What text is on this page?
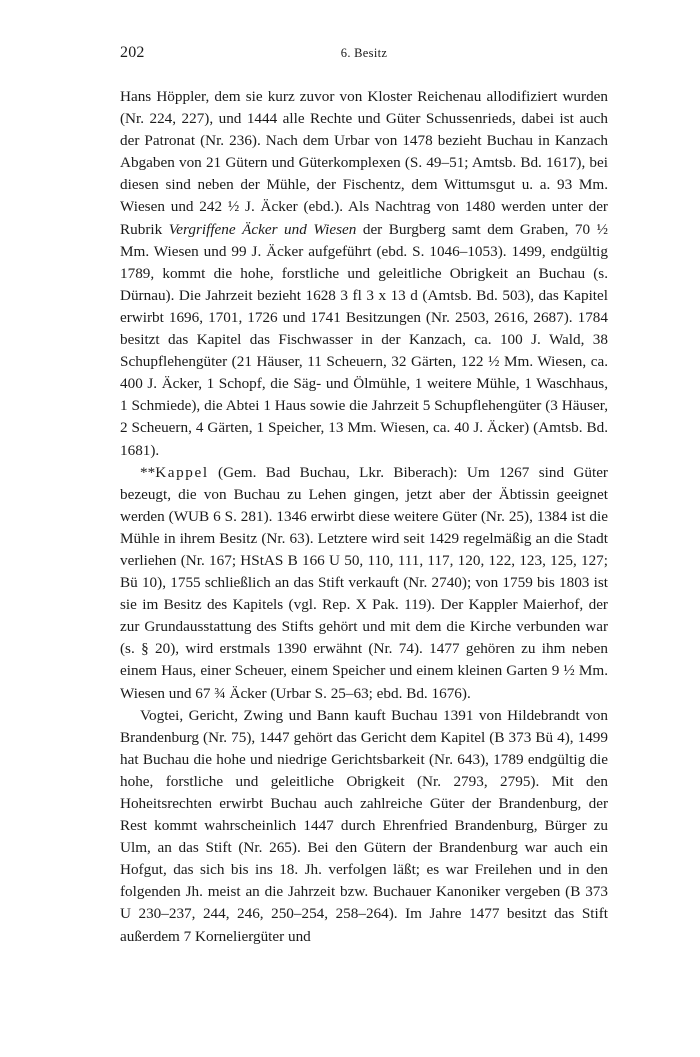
202	6. Besitz

Hans Höppler, dem sie kurz zuvor von Kloster Reichenau allodifiziert wurden (Nr. 224, 227), und 1444 alle Rechte und Güter Schussenrieds, dabei ist auch der Patronat (Nr. 236). Nach dem Urbar von 1478 bezieht Buchau in Kanzach Abgaben von 21 Gütern und Güterkomplexen (S. 49–51; Amtsb. Bd. 1617), bei diesen sind neben der Mühle, der Fischentz, dem Wittumsgut u. a. 93 Mm. Wiesen und 242 ½ J. Äcker (ebd.). Als Nachtrag von 1480 werden unter der Rubrik Vergriffene Äcker und Wiesen der Burgberg samt dem Graben, 70 ½ Mm. Wiesen und 99 J. Äcker aufgeführt (ebd. S. 1046–1053). 1499, endgültig 1789, kommt die hohe, forstliche und geleitliche Obrigkeit an Buchau (s. Dürnau). Die Jahrzeit bezieht 1628 3 fl 3 x 13 d (Amtsb. Bd. 503), das Kapitel erwirbt 1696, 1701, 1726 und 1741 Besitzungen (Nr. 2503, 2616, 2687). 1784 besitzt das Kapitel das Fischwasser in der Kanzach, ca. 100 J. Wald, 38 Schupflehengüter (21 Häuser, 11 Scheuern, 32 Gärten, 122 ½ Mm. Wiesen, ca. 400 J. Äcker, 1 Schopf, die Säg- und Ölmühle, 1 weitere Mühle, 1 Waschhaus, 1 Schmiede), die Abtei 1 Haus sowie die Jahrzeit 5 Schupflehengüter (3 Häuser, 2 Scheuern, 4 Gärten, 1 Speicher, 13 Mm. Wiesen, ca. 40 J. Äcker) (Amtsb. Bd. 1681).

**Kappel (Gem. Bad Buchau, Lkr. Biberach): Um 1267 sind Güter bezeugt, die von Buchau zu Lehen gingen, jetzt aber der Äbtissin geeignet werden (WUB 6 S. 281). 1346 erwirbt diese weitere Güter (Nr. 25), 1384 ist die Mühle in ihrem Besitz (Nr. 63). Letztere wird seit 1429 regelmäßig an die Stadt verliehen (Nr. 167; HStAS B 166 U 50, 110, 111, 117, 120, 122, 123, 125, 127; Bü 10), 1755 schließlich an das Stift verkauft (Nr. 2740); von 1759 bis 1803 ist sie im Besitz des Kapitels (vgl. Rep. X Pak. 119). Der Kappler Maierhof, der zur Grundausstattung des Stifts gehört und mit dem die Kirche verbunden war (s. § 20), wird erstmals 1390 erwähnt (Nr. 74). 1477 gehören zu ihm neben einem Haus, einer Scheuer, einem Speicher und einem kleinen Garten 9 ½ Mm. Wiesen und 67 ¾ Äcker (Urbar S. 25–63; ebd. Bd. 1676).

Vogtei, Gericht, Zwing und Bann kauft Buchau 1391 von Hildebrandt von Brandenburg (Nr. 75), 1447 gehört das Gericht dem Kapitel (B 373 Bü 4), 1499 hat Buchau die hohe und niedrige Gerichtsbarkeit (Nr. 643), 1789 endgültig die hohe, forstliche und geleitliche Obrigkeit (Nr. 2793, 2795). Mit den Hoheitsrechten erwirbt Buchau auch zahlreiche Güter der Brandenburg, der Rest kommt wahrscheinlich 1447 durch Ehrenfried Brandenburg, Bürger zu Ulm, an das Stift (Nr. 265). Bei den Gütern der Brandenburg war auch ein Hofgut, das sich bis ins 18. Jh. verfolgen läßt; es war Freilehen und in den folgenden Jh. meist an die Jahrzeit bzw. Buchauer Kanoniker vergeben (B 373 U 230–237, 244, 246, 250–254, 258–264). Im Jahre 1477 besitzt das Stift außerdem 7 Korneliergüter und
